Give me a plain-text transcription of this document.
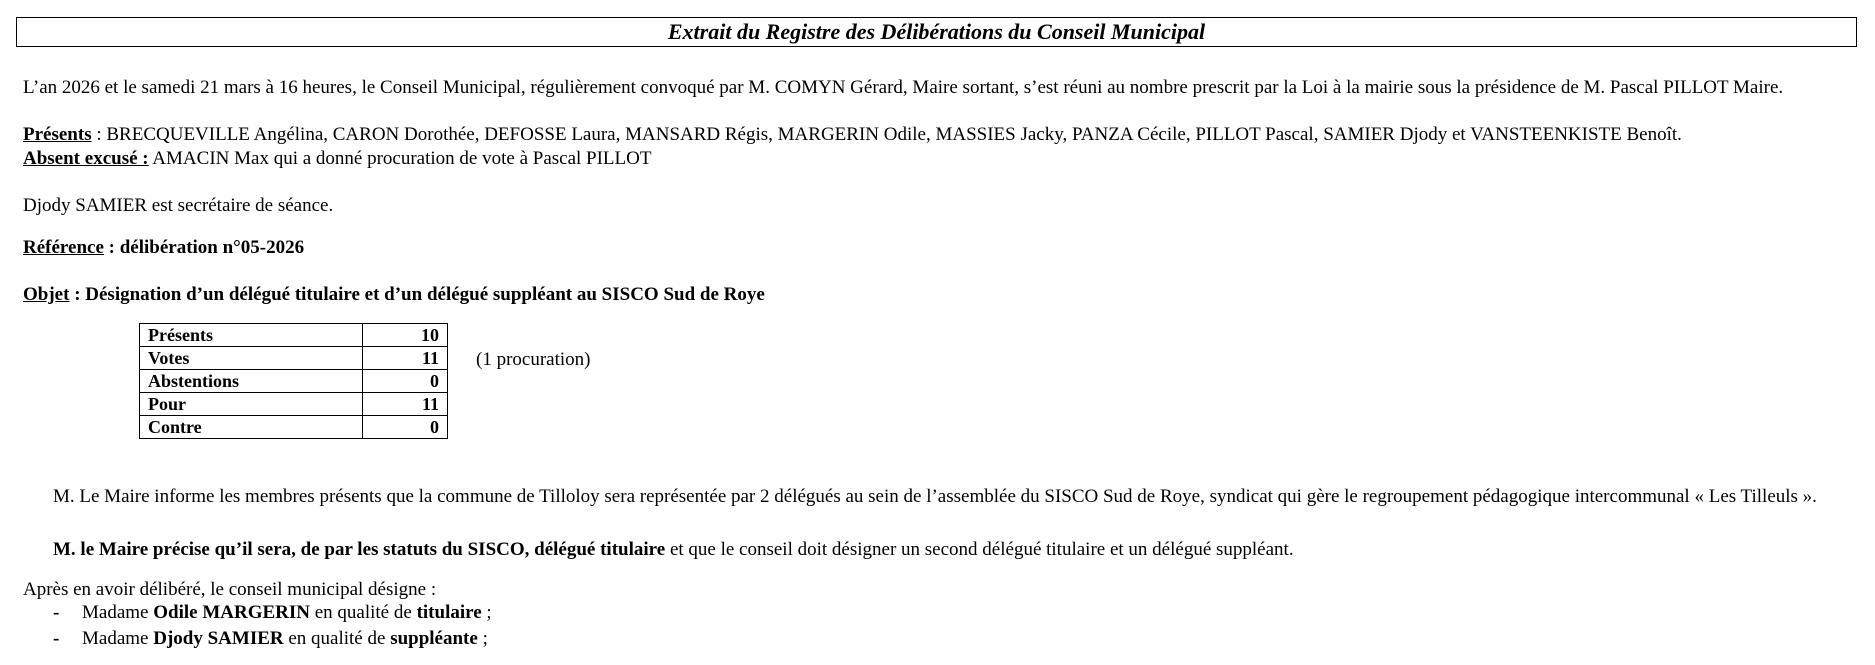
Extrait du Registre des Délibérations du Conseil Municipal
L’an 2026 et le samedi 21 mars à 16 heures, le Conseil Municipal, régulièrement convoqué par M. COMYN Gérard, Maire sortant, s’est réuni au nombre prescrit par la Loi à la mairie sous la présidence de M. Pascal PILLOT Maire.
Présents : BRECQUEVILLE Angélina, CARON Dorothée, DEFOSSE Laura, MANSARD Régis, MARGERIN Odile, MASSIES Jacky, PANZA Cécile, PILLOT Pascal, SAMIER Djody et VANSTEENKISTE Benoît.
Absent excusé : AMACIN Max qui a donné procuration de vote à Pascal PILLOT
Djody SAMIER est secrétaire de séance.
Référence : délibération n°05-2026
Objet : Désignation d’un délégué titulaire et d’un délégué suppléant au SISCO Sud de Roye
Présents	10
Votes	11
Abstentions	0
Pour	11
Contre	0
(1 procuration)
M. Le Maire informe les membres présents que la commune de Tilloloy sera représentée par 2 délégués au sein de l’assemblée du SISCO Sud de Roye, syndicat qui gère le regroupement pédagogique intercommunal « Les Tilleuls ».
M. le Maire précise qu’il sera, de par les statuts du SISCO, délégué titulaire et que le conseil doit désigner un second délégué titulaire et un délégué suppléant.
Après en avoir délibéré, le conseil municipal désigne :
- Madame Odile MARGERIN en qualité de titulaire ;
- Madame Djody SAMIER en qualité de suppléante ;
